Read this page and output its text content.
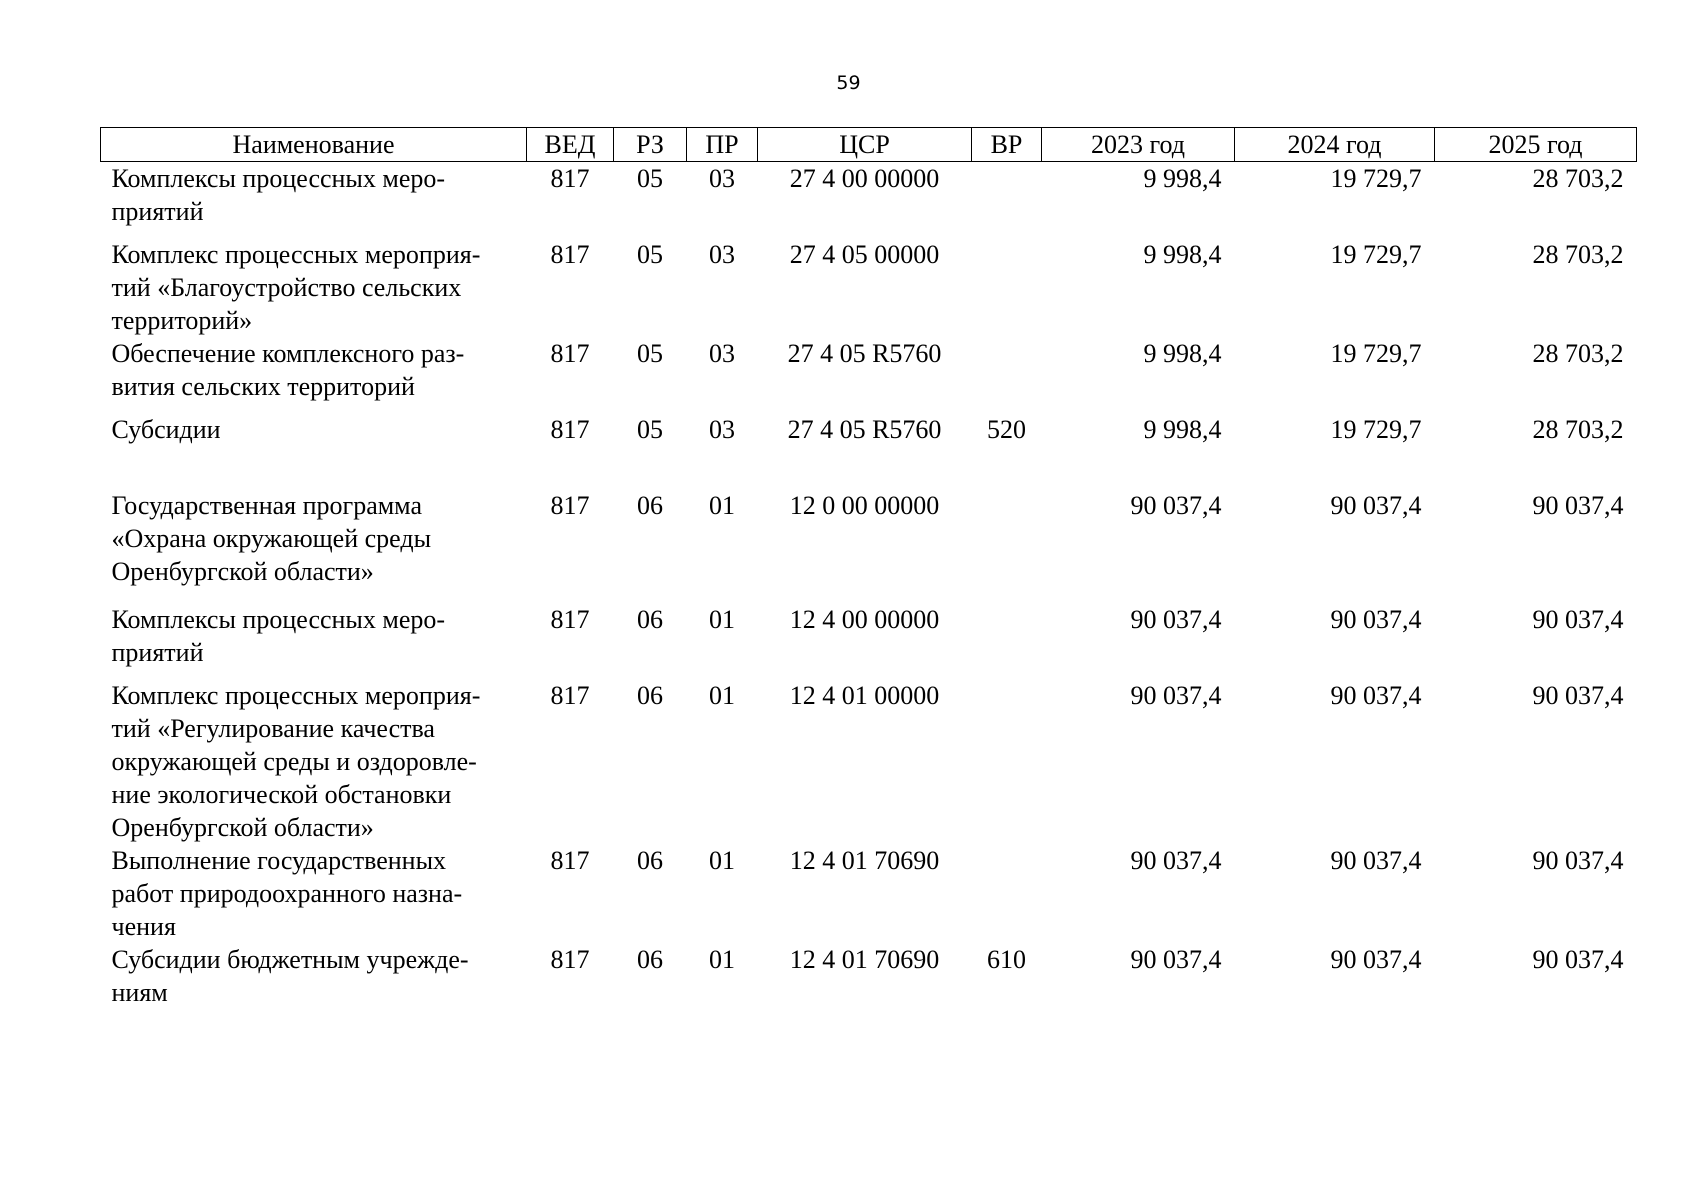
59
Наименование	ВЕД	РЗ	ПР	ЦСР	ВР	2023 год	2024 год	2025 год

Комплексы процессных меро-
приятий	817	05	03	27 4 00 00000		9 998,4	19 729,7	28 703,2

Комплекс процессных мероприя-
тий «Благоустройство сельских
территорий»	817	05	03	27 4 05 00000		9 998,4	19 729,7	28 703,2

Обеспечение комплексного раз-
вития сельских территорий	817	05	03	27 4 05 R5760		9 998,4	19 729,7	28 703,2

Субсидии	817	05	03	27 4 05 R5760	520	9 998,4	19 729,7	28 703,2

Государственная программа
«Охрана окружающей среды
Оренбургской области»	817	06	01	12 0 00 00000		90 037,4	90 037,4	90 037,4

Комплексы процессных меро-
приятий	817	06	01	12 4 00 00000		90 037,4	90 037,4	90 037,4

Комплекс процессных мероприя-
тий «Регулирование качества
окружающей среды и оздоровле-
ние экологической обстановки
Оренбургской области»	817	06	01	12 4 01 00000		90 037,4	90 037,4	90 037,4

Выполнение государственных
работ природоохранного назна-
чения	817	06	01	12 4 01 70690		90 037,4	90 037,4	90 037,4

Субсидии бюджетным учрежде-
ниям	817	06	01	12 4 01 70690	610	90 037,4	90 037,4	90 037,4
